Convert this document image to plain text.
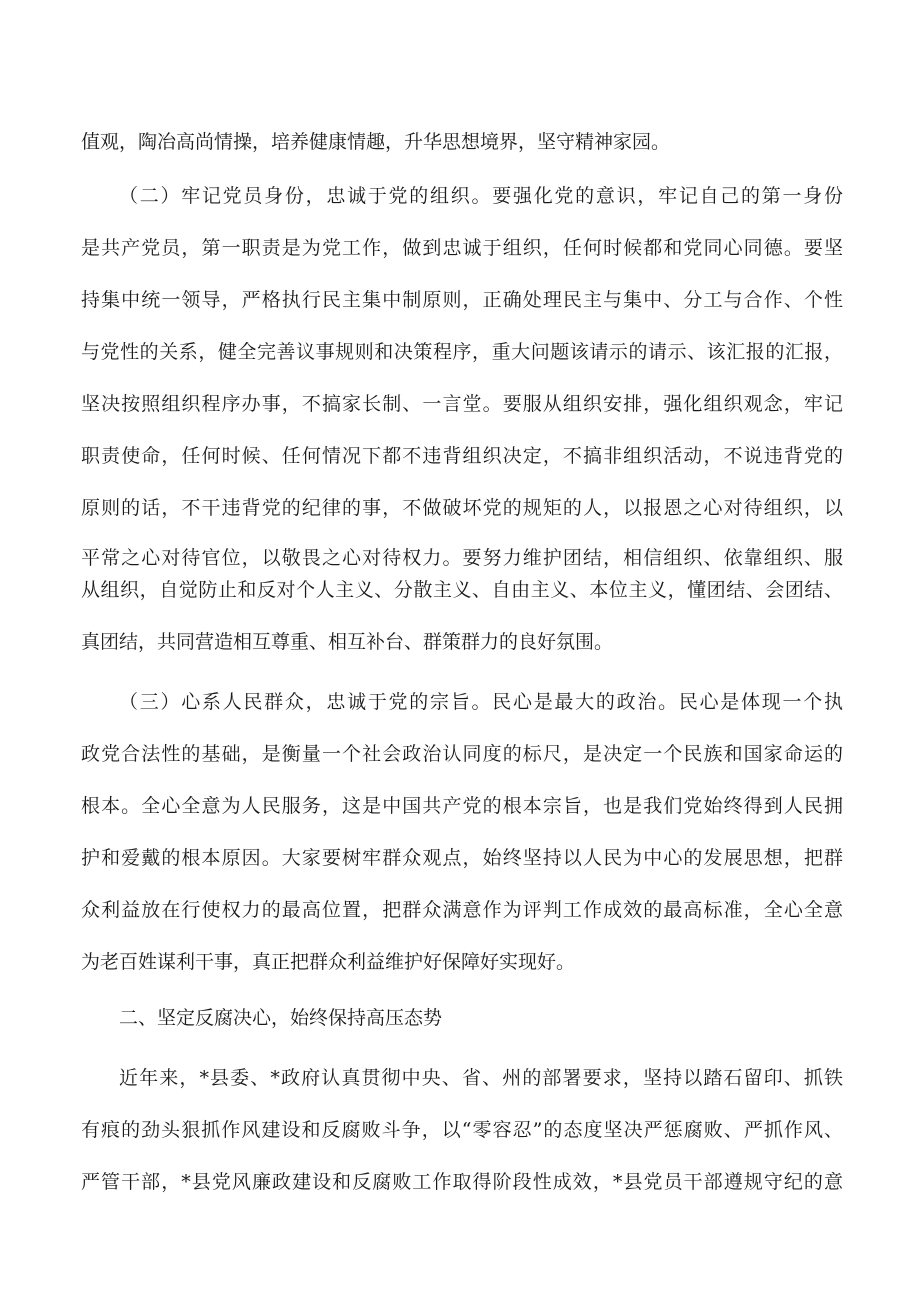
值观，陶冶高尚情操，培养健康情趣，升华思想境界，坚守精神家园。
（二）牢记党员身份，忠诚于党的组织。要强化党的意识，牢记自己的第一身份
是共产党员，第一职责是为党工作，做到忠诚于组织，任何时候都和党同心同德。要坚
持集中统一领导，严格执行民主集中制原则，正确处理民主与集中、分工与合作、个性
与党性的关系，健全完善议事规则和决策程序，重大问题该请示的请示、该汇报的汇报，
坚决按照组织程序办事，不搞家长制、一言堂。要服从组织安排，强化组织观念，牢记
职责使命，任何时候、任何情况下都不违背组织决定，不搞非组织活动，不说违背党的
原则的话，不干违背党的纪律的事，不做破坏党的规矩的人，以报恩之心对待组织，以
平常之心对待官位，以敬畏之心对待权力。要努力维护团结，相信组织、依靠组织、服
从组织，自觉防止和反对个人主义、分散主义、自由主义、本位主义，懂团结、会团结、
真团结，共同营造相互尊重、相互补台、群策群力的良好氛围。
（三）心系人民群众，忠诚于党的宗旨。民心是最大的政治。民心是体现一个执
政党合法性的基础，是衡量一个社会政治认同度的标尺，是决定一个民族和国家命运的
根本。全心全意为人民服务，这是中国共产党的根本宗旨，也是我们党始终得到人民拥
护和爱戴的根本原因。大家要树牢群众观点，始终坚持以人民为中心的发展思想，把群
众利益放在行使权力的最高位置，把群众满意作为评判工作成效的最高标准，全心全意
为老百姓谋利干事，真正把群众利益维护好保障好实现好。
二、坚定反腐决心，始终保持高压态势
近年来，*县委、*政府认真贯彻中央、省、州的部署要求，坚持以踏石留印、抓铁
有痕的劲头狠抓作风建设和反腐败斗争，以“零容忍”的态度坚决严惩腐败、严抓作风、
严管干部，*县党风廉政建设和反腐败工作取得阶段性成效，*县党员干部遵规守纪的意
